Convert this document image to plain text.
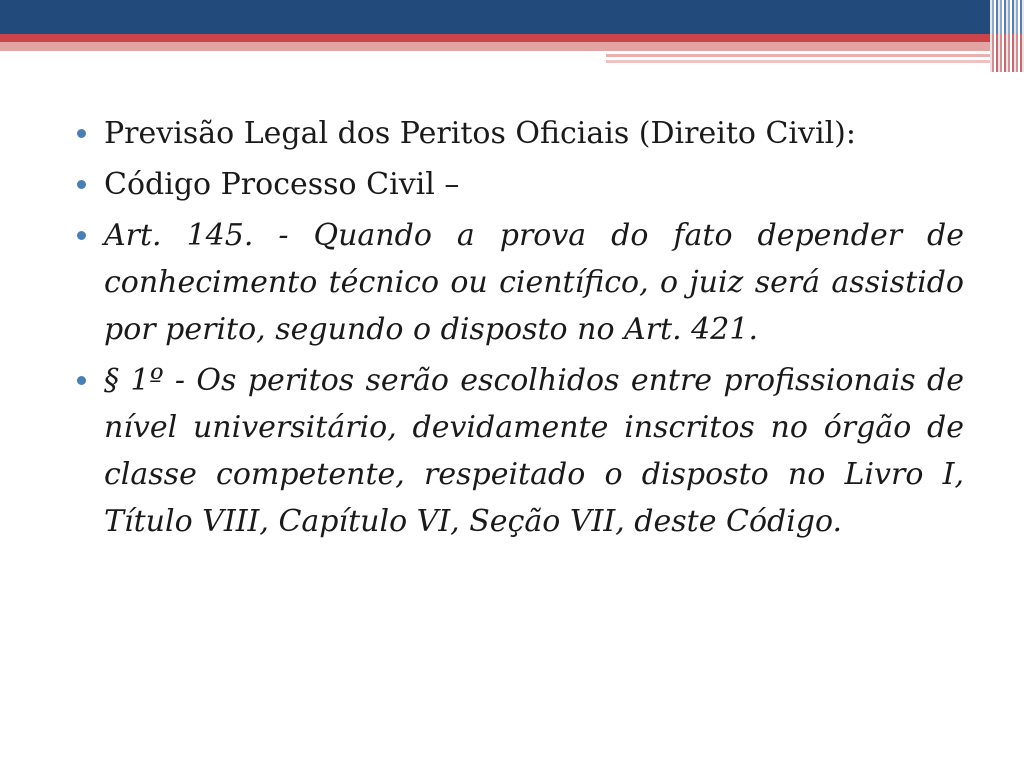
Previsão Legal dos Peritos Oficiais (Direito Civil):
Código Processo Civil –
Art. 145. - Quando a prova do fato depender de conhecimento técnico ou científico, o juiz será assistido por perito, segundo o disposto no Art. 421.
§ 1º - Os peritos serão escolhidos entre profissionais de nível universitário, devidamente inscritos no órgão de classe competente, respeitado o disposto no Livro I, Título VIII, Capítulo VI, Seção VII, deste Código.
